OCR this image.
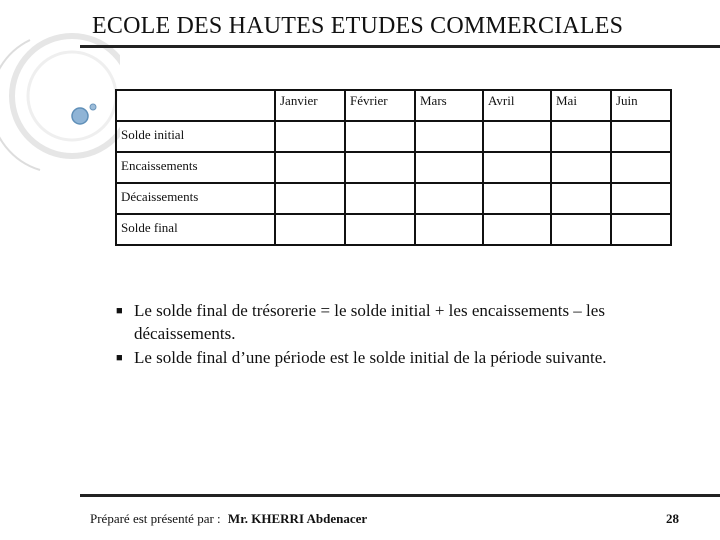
ECOLE DES HAUTES ETUDES COMMERCIALES

	Janvier	Février	Mars	Avril	Mai	Juin

Solde initial						

Encaissements						

Décaissements						

Solde final						

■ Le solde final de trésorerie = le solde initial + les encaissements – les décaissements.
■ Le solde final d’une période est le solde initial de la période suivante.
Préparé est présenté par : Mr. KHERRI Abdenacer	28
